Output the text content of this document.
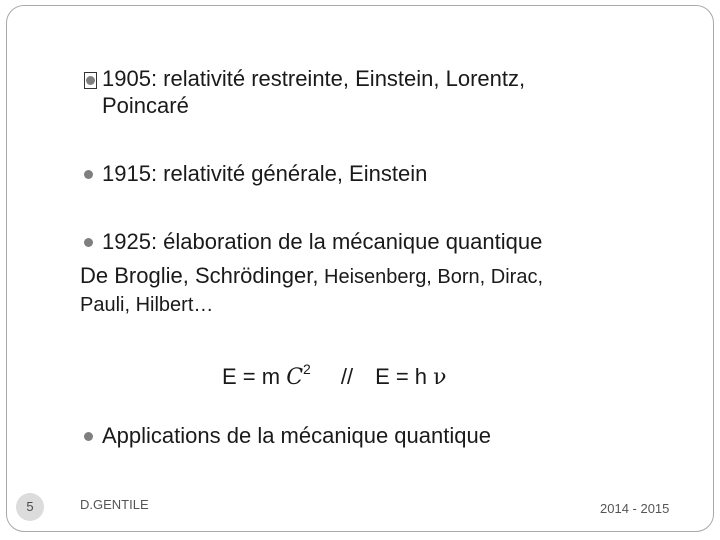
1905: relativité restreinte, Einstein, Lorentz,
Poincaré
1915: relativité générale, Einstein
1925: élaboration de la mécanique quantique
De Broglie, Schrödinger, Heisenberg, Born, Dirac,
Pauli, Hilbert…
E = m $C^2 // E = h$ ν
Applications de la mécanique quantique
5	D.GENTILE	2014 - 2015
